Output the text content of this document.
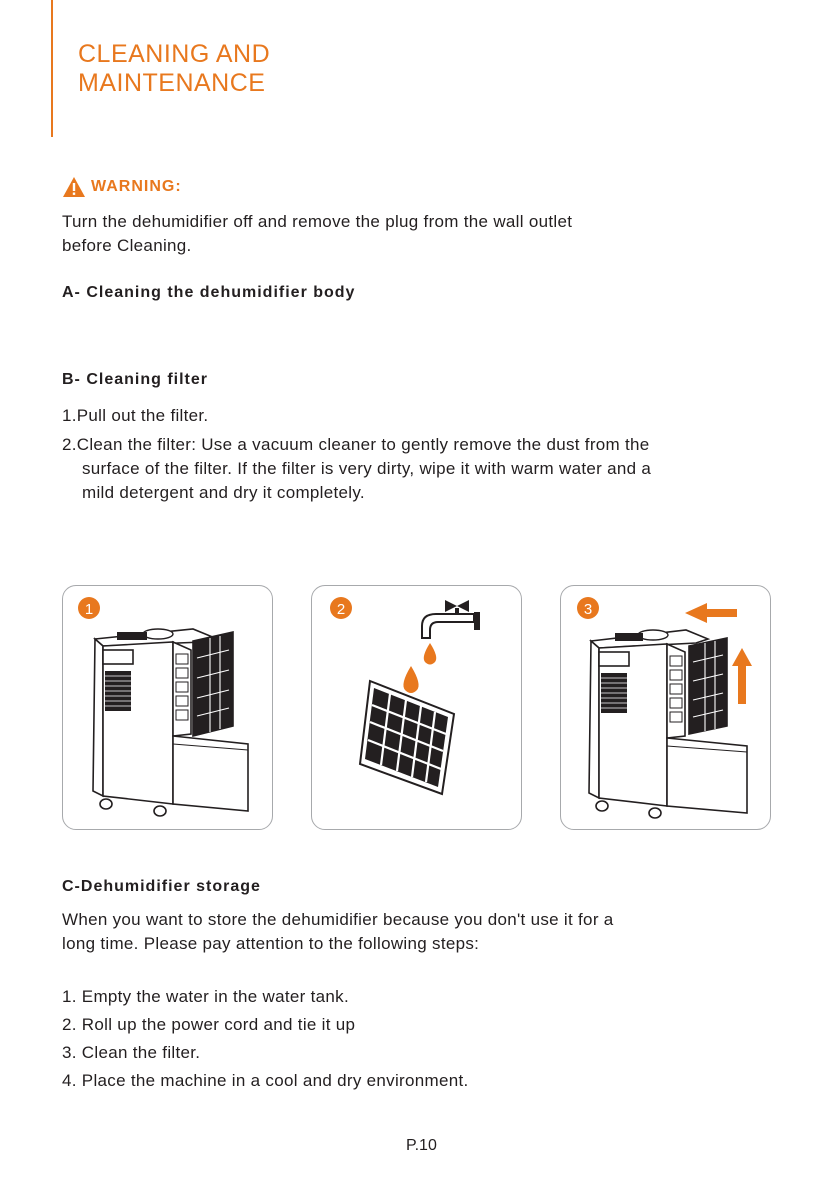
CLEANING AND
MAINTENANCE
WARNING:

Turn the dehumidifier off and remove the plug from the wall outlet
before Cleaning.

A- Cleaning the dehumidifier body
B- Cleaning filter
1.Pull out the filter.
2.Clean the filter: Use a vacuum cleaner to gently remove the dust from the
surface of the filter. If the filter is very dirty, wipe it with warm water and a
mild detergent and dry it completely.
1	2	3
C-Dehumidifier storage

When you want to store the dehumidifier because you don't use it for a
long time. Please pay attention to the following steps:

1. Empty the water in the water tank.
2. Roll up the power cord and tie it up
3. Clean the filter.
4. Place the machine in a cool and dry environment.
P.10
